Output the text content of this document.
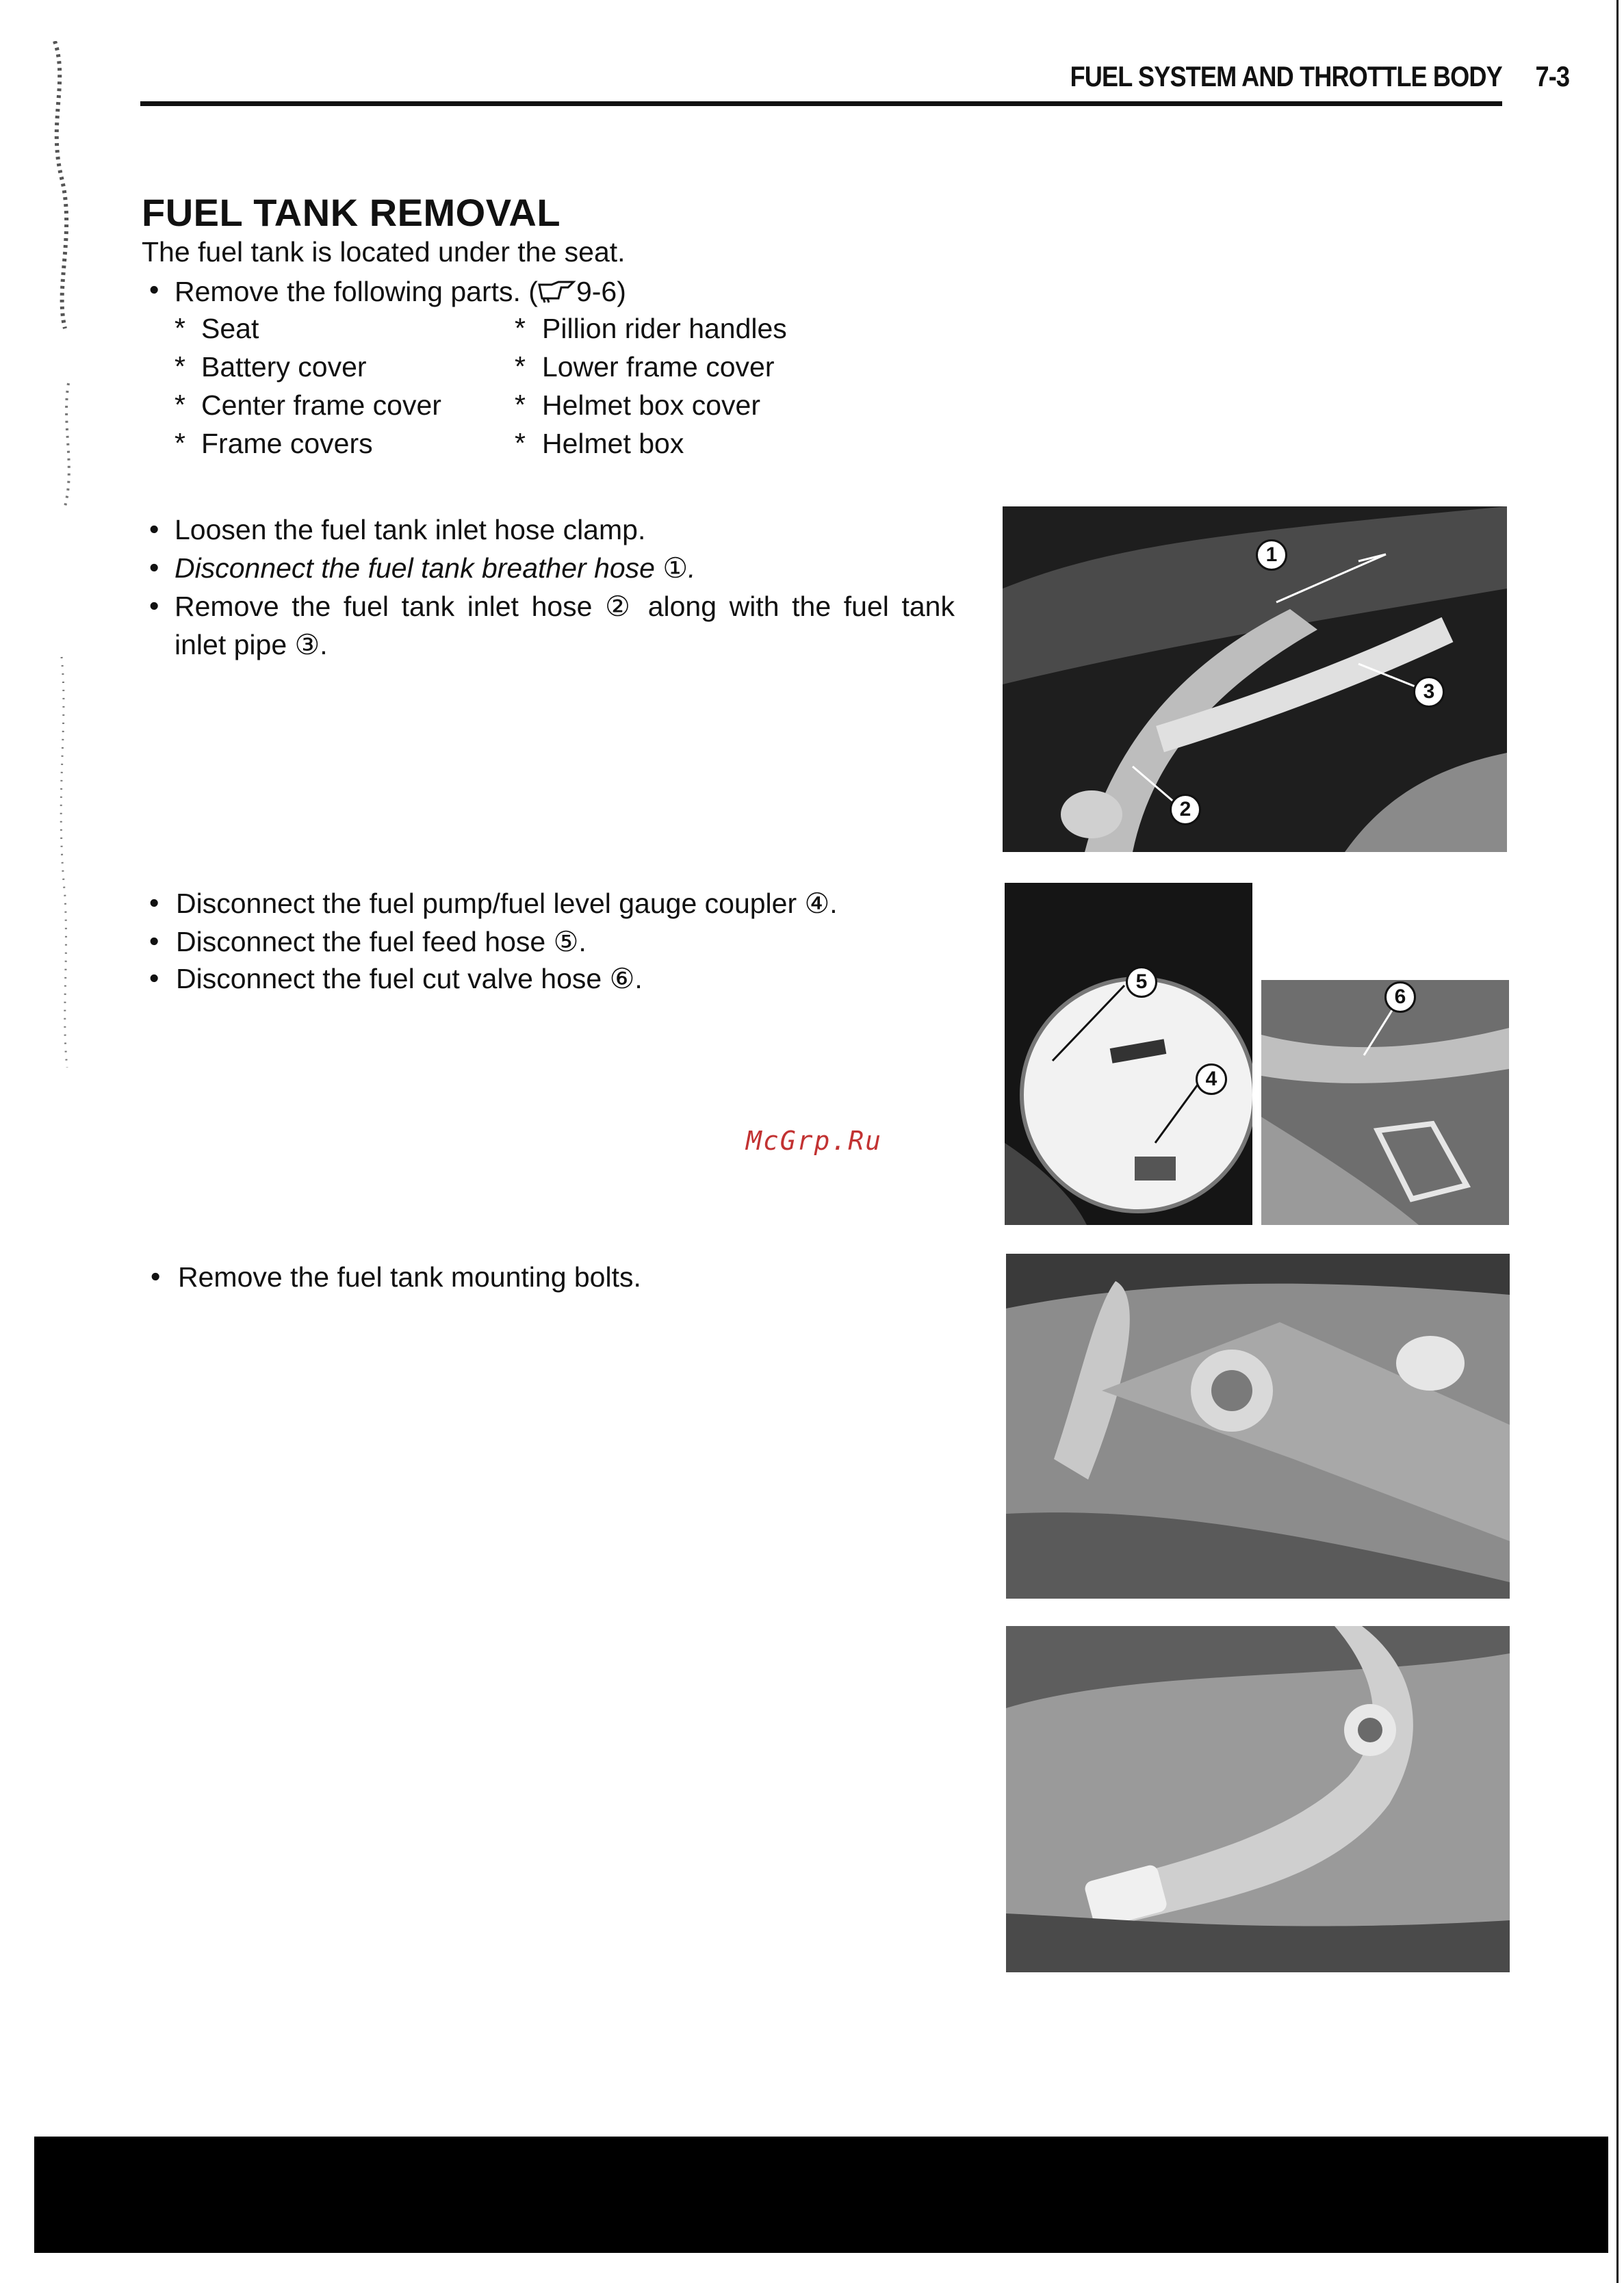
FUEL SYSTEM AND THROTTLE BODY 7-3
FUEL TANK REMOVAL
The fuel tank is located under the seat.
• Remove the following parts. ( 9-6)
* Seat
* Battery cover
* Center frame cover
* Frame covers
* Pillion rider handles
* Lower frame cover
* Helmet box cover
* Helmet box
• Loosen the fuel tank inlet hose clamp.
• Disconnect the fuel tank breather hose ①.
• Remove the fuel tank inlet hose ② along with the fuel tank
inlet pipe ③.
1
3
2
• Disconnect the fuel pump/fuel level gauge coupler ④.
• Disconnect the fuel feed hose ⑤.
• Disconnect the fuel cut valve hose ⑥.	5
4
6
McGrp.Ru
• Remove the fuel tank mounting bolts.
